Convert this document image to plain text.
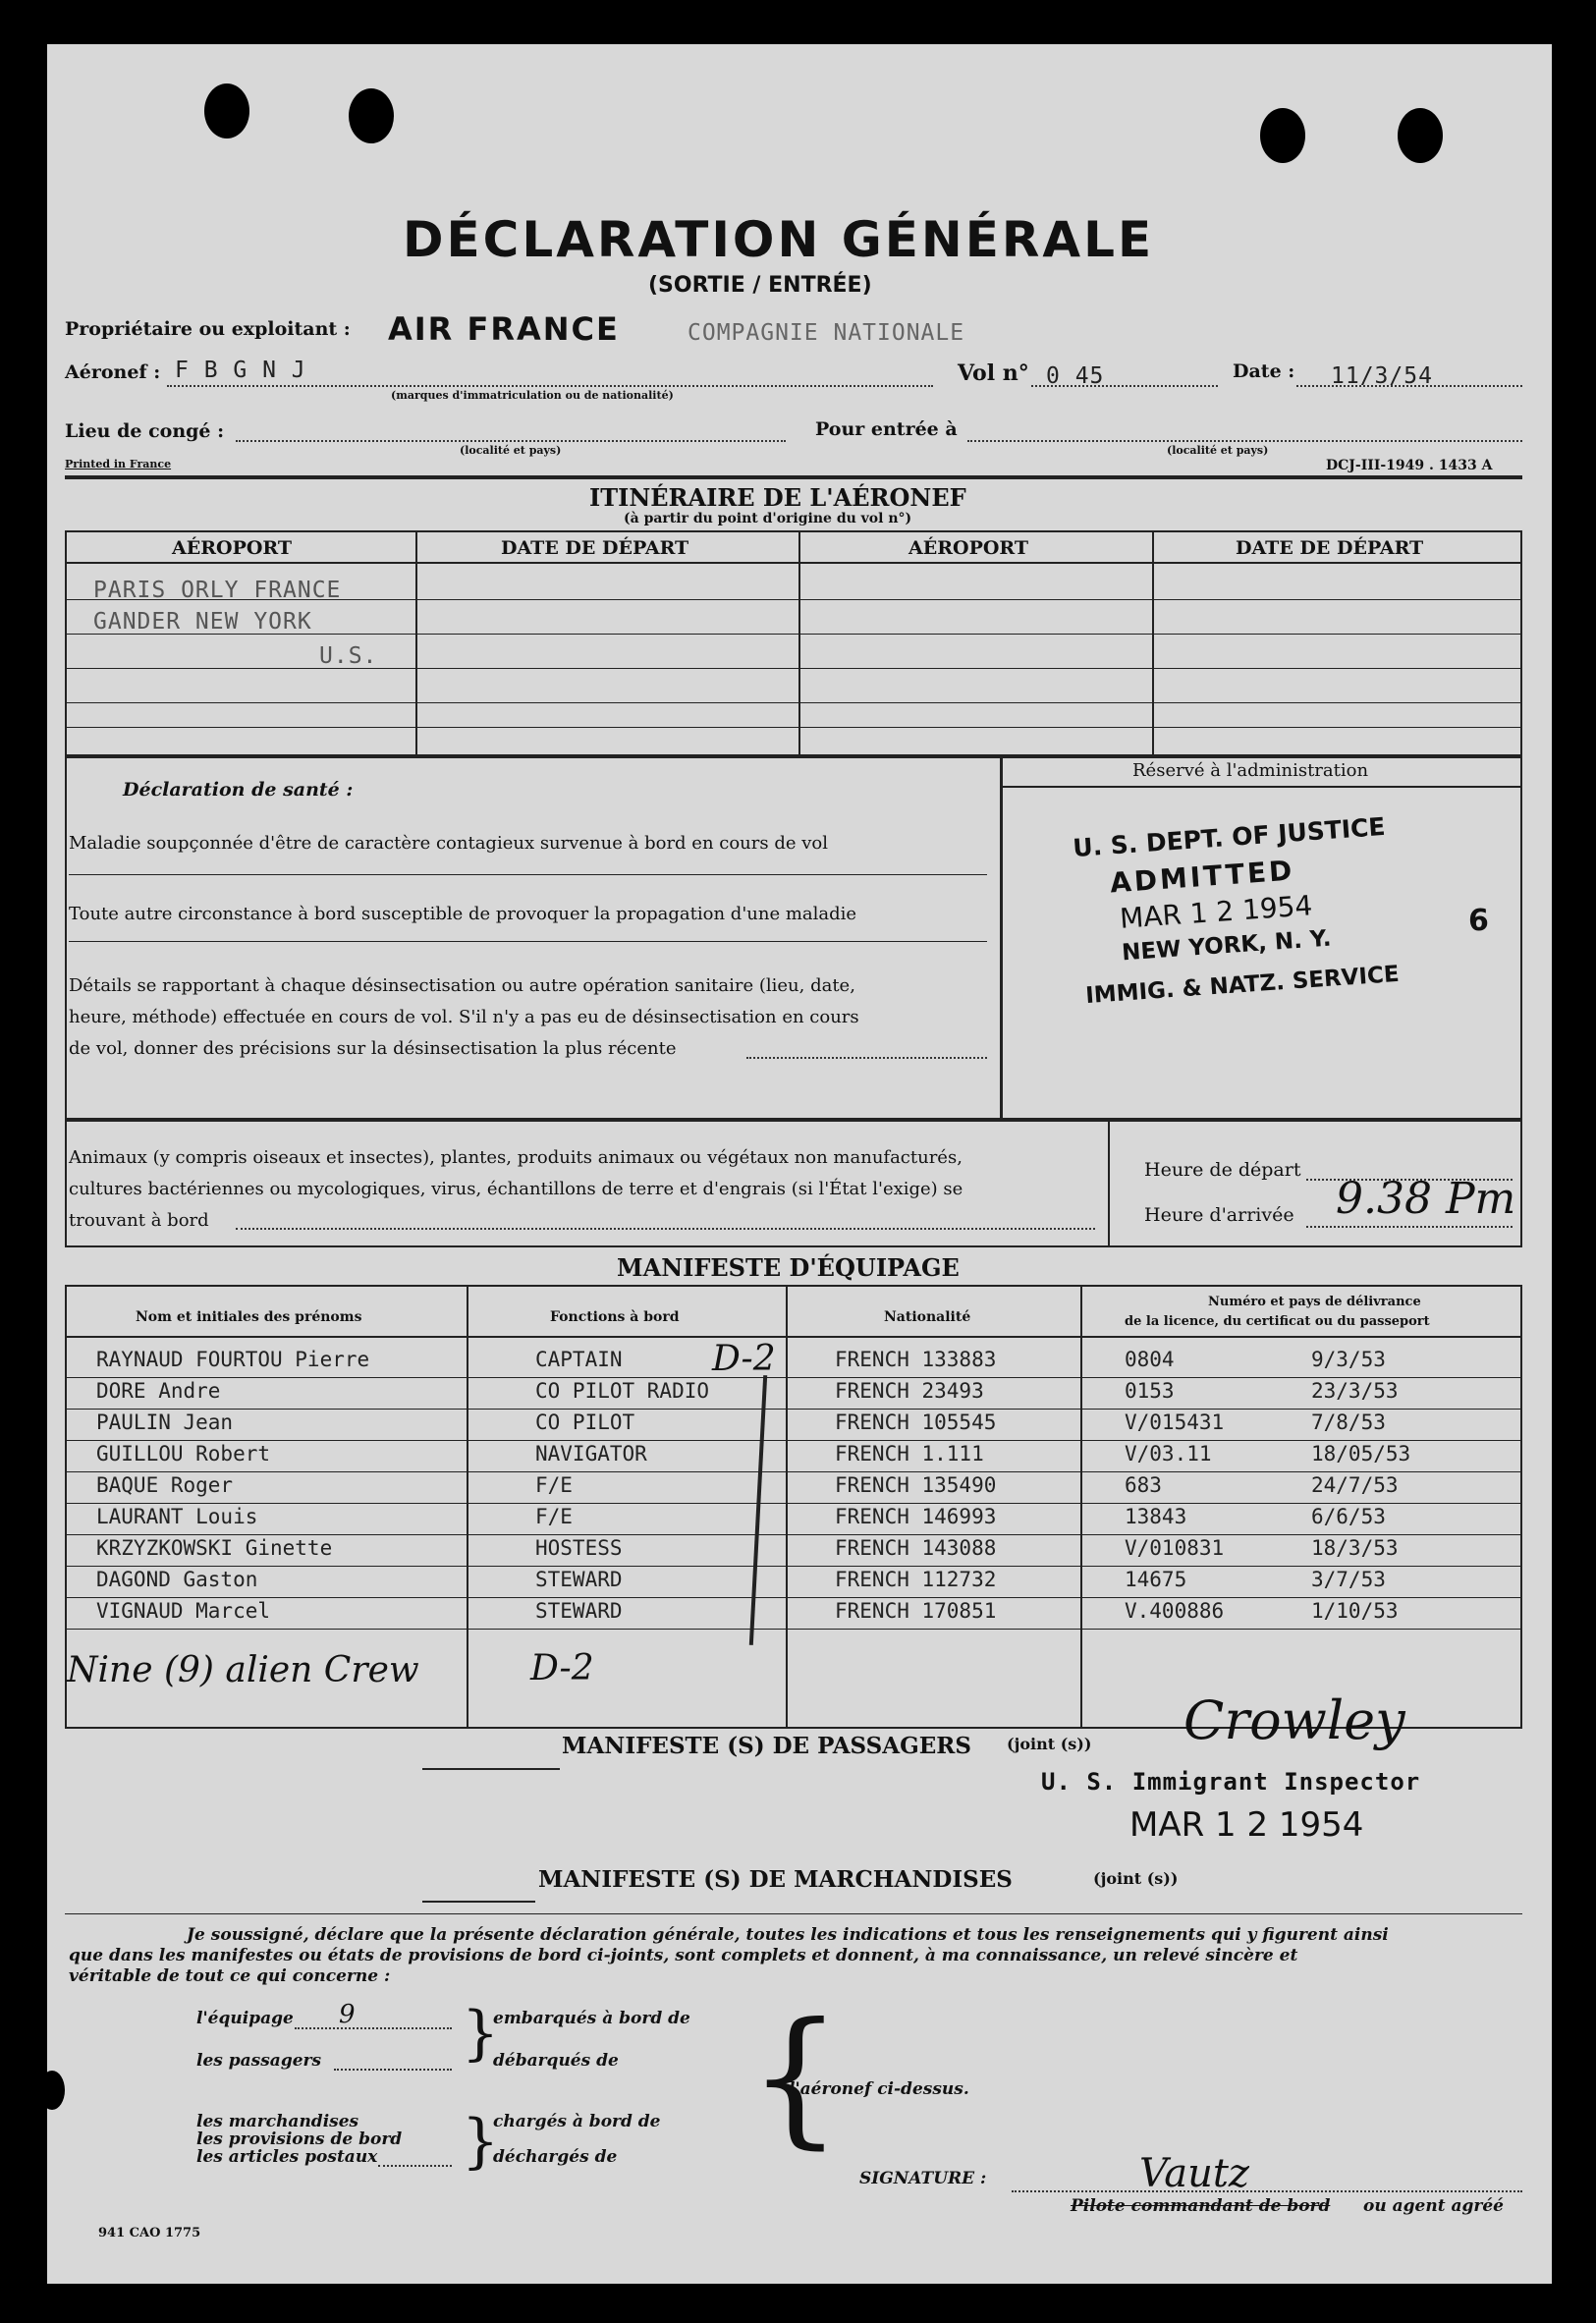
DÉCLARATION GÉNÉRALE
(SORTIE / ENTRÉE)
Propriétaire ou exploitant : AIR FRANCE	COMPAGNIE NATIONALE
Aéronef : F B G N J
(marques d'immatriculation ou de nationalité)
Vol n° 0 45	Date : 11/3/54
Lieu de congé :
(localité et pays)
Pour entrée à
(localité et pays)
Printed in France	DCJ-III-1949 . 1433 A
ITINÉRAIRE DE L'AÉRONEF
(à partir du point d'origine du vol n°)
AÉROPORT	DATE DE DÉPART	AÉROPORT	DATE DE DÉPART
PARIS ORLY FRANCE
GANDER NEW YORK
U.S.
Déclaration de santé :
Maladie soupçonnée d'être de caractère contagieux survenue à bord en cours de vol
Toute autre circonstance à bord susceptible de provoquer la propagation d'une maladie
Détails se rapportant à chaque désinsectisation ou autre opération sanitaire (lieu, date,
heure, méthode) effectuée en cours de vol. S'il n'y a pas eu de désinsectisation en cours
de vol, donner des précisions sur la désinsectisation la plus récente
Réservé à l'administration
U. S. DEPT. OF JUSTICE
ADMITTED
MAR 1 2 1954
NEW YORK, N. Y.
IMMIG. & NATZ. SERVICE
6
Animaux (y compris oiseaux et insectes), plantes, produits animaux ou végétaux non manufacturés,
cultures bactériennes ou mycologiques, virus, échantillons de terre et d'engrais (si l'État l'exige) se
trouvant à bord
Heure de départ
Heure d'arrivée 9.38 Pm
MANIFESTE D'ÉQUIPAGE
Nom et initiales des prénoms	Fonctions à bord	Nationalité
Numéro et pays de délivrance
de la licence, du certificat ou du passeport
RAYNAUD FOURTOU Pierre	CAPTAIN	FRENCH 133883	0804	9/3/53
DORE Andre	CO PILOT RADIO	FRENCH 23493	0153	23/3/53
PAULIN Jean	CO PILOT	FRENCH 105545	V/015431	7/8/53
GUILLOU Robert	NAVIGATOR	FRENCH 1.111	V/03.11	18/05/53
BAQUE Roger	F/E	FRENCH 135490	683	24/7/53
LAURANT Louis	F/E	FRENCH 146993	13843	6/6/53
KRZYZKOWSKI Ginette	HOSTESS	FRENCH 143088	V/010831	18/3/53
DAGOND Gaston	STEWARD	FRENCH 112732	14675	3/7/53
VIGNAUD Marcel	STEWARD	FRENCH 170851	V.400886	1/10/53
Nine (9) alien Crew	D-2
D-2
MANIFESTE (S) DE PASSAGERS (joint (s)) Crowley
U. S. Immigrant Inspector
MAR 1 2 1954
MANIFESTE (S) DE MARCHANDISES	(joint (s))
Je soussigné, déclare que la présente déclaration générale, toutes les indications et tous les renseignements qui y figurent ainsi
que dans les manifestes ou états de provisions de bord ci-joints, sont complets et donnent, à ma connaissance, un relevé sincère et
véritable de tout ce qui concerne :
l'équipage 9
les passagers
les marchandises
les provisions de bord
les articles postaux
}
}
embarqués à bord de
débarqués de
chargés à bord de
déchargés de {
l'aéronef ci-dessus.
SIGNATURE :	Vautz
Pilote commandant de bord ou agent agréé
941 CAO 1775
